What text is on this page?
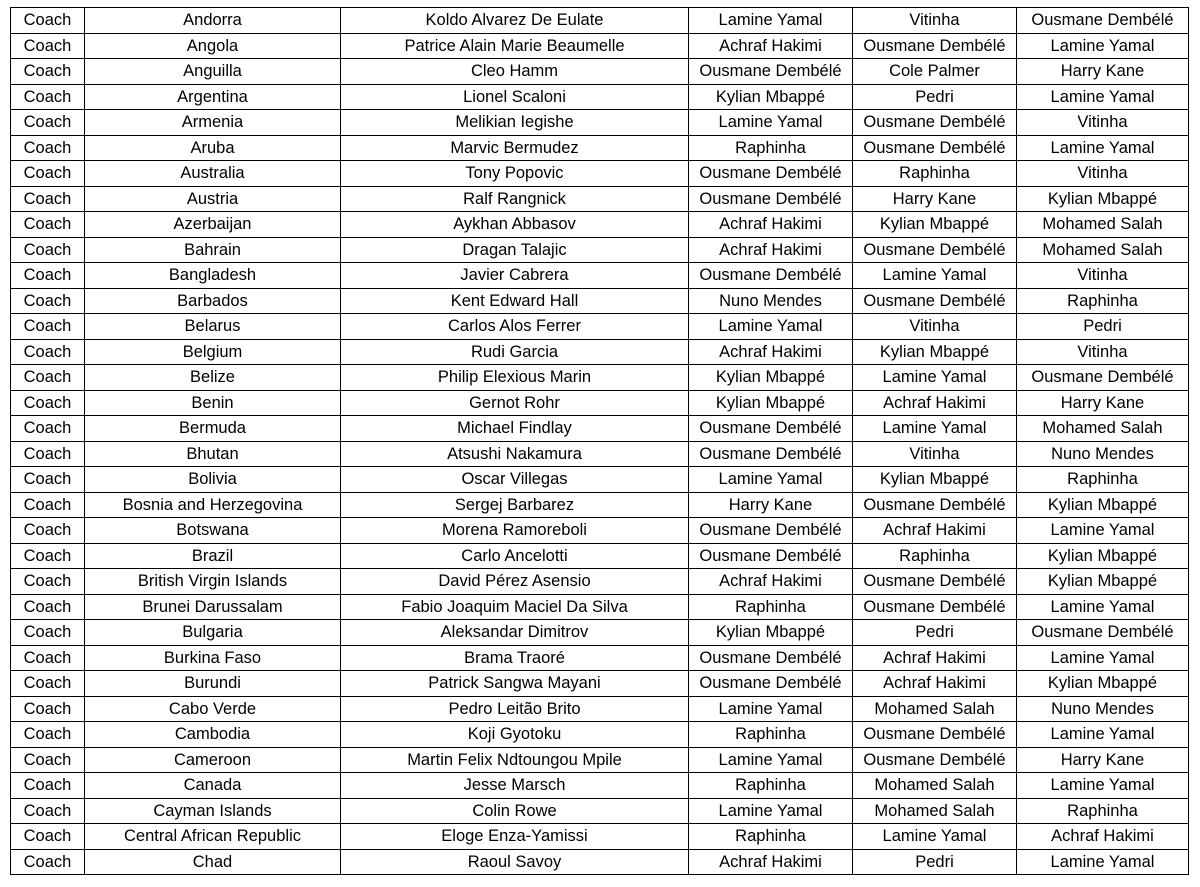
Coach	Andorra	Koldo Alvarez De Eulate	Lamine Yamal	Vitinha	Ousmane Dembélé
Coach	Angola	Patrice Alain Marie Beaumelle	Achraf Hakimi	Ousmane Dembélé	Lamine Yamal
Coach	Anguilla	Cleo Hamm	Ousmane Dembélé	Cole Palmer	Harry Kane
Coach	Argentina	Lionel Scaloni	Kylian Mbappé	Pedri	Lamine Yamal
Coach	Armenia	Melikian Iegishe	Lamine Yamal	Ousmane Dembélé	Vitinha
Coach	Aruba	Marvic Bermudez	Raphinha	Ousmane Dembélé	Lamine Yamal
Coach	Australia	Tony Popovic	Ousmane Dembélé	Raphinha	Vitinha
Coach	Austria	Ralf Rangnick	Ousmane Dembélé	Harry Kane	Kylian Mbappé
Coach	Azerbaijan	Aykhan Abbasov	Achraf Hakimi	Kylian Mbappé	Mohamed Salah
Coach	Bahrain	Dragan Talajic	Achraf Hakimi	Ousmane Dembélé	Mohamed Salah
Coach	Bangladesh	Javier Cabrera	Ousmane Dembélé	Lamine Yamal	Vitinha
Coach	Barbados	Kent Edward Hall	Nuno Mendes	Ousmane Dembélé	Raphinha
Coach	Belarus	Carlos Alos Ferrer	Lamine Yamal	Vitinha	Pedri
Coach	Belgium	Rudi Garcia	Achraf Hakimi	Kylian Mbappé	Vitinha
Coach	Belize	Philip Elexious Marin	Kylian Mbappé	Lamine Yamal	Ousmane Dembélé
Coach	Benin	Gernot Rohr	Kylian Mbappé	Achraf Hakimi	Harry Kane
Coach	Bermuda	Michael Findlay	Ousmane Dembélé	Lamine Yamal	Mohamed Salah
Coach	Bhutan	Atsushi Nakamura	Ousmane Dembélé	Vitinha	Nuno Mendes
Coach	Bolivia	Oscar Villegas	Lamine Yamal	Kylian Mbappé	Raphinha
Coach	Bosnia and Herzegovina	Sergej Barbarez	Harry Kane	Ousmane Dembélé	Kylian Mbappé
Coach	Botswana	Morena Ramoreboli	Ousmane Dembélé	Achraf Hakimi	Lamine Yamal
Coach	Brazil	Carlo Ancelotti	Ousmane Dembélé	Raphinha	Kylian Mbappé
Coach	British Virgin Islands	David Pérez Asensio	Achraf Hakimi	Ousmane Dembélé	Kylian Mbappé
Coach	Brunei Darussalam	Fabio Joaquim Maciel Da Silva	Raphinha	Ousmane Dembélé	Lamine Yamal
Coach	Bulgaria	Aleksandar Dimitrov	Kylian Mbappé	Pedri	Ousmane Dembélé
Coach	Burkina Faso	Brama Traoré	Ousmane Dembélé	Achraf Hakimi	Lamine Yamal
Coach	Burundi	Patrick Sangwa Mayani	Ousmane Dembélé	Achraf Hakimi	Kylian Mbappé
Coach	Cabo Verde	Pedro Leitão Brito	Lamine Yamal	Mohamed Salah	Nuno Mendes
Coach	Cambodia	Koji Gyotoku	Raphinha	Ousmane Dembélé	Lamine Yamal
Coach	Cameroon	Martin Felix Ndtoungou Mpile	Lamine Yamal	Ousmane Dembélé	Harry Kane
Coach	Canada	Jesse Marsch	Raphinha	Mohamed Salah	Lamine Yamal
Coach	Cayman Islands	Colin Rowe	Lamine Yamal	Mohamed Salah	Raphinha
Coach	Central African Republic	Eloge Enza-Yamissi	Raphinha	Lamine Yamal	Achraf Hakimi
Coach	Chad	Raoul Savoy	Achraf Hakimi	Pedri	Lamine Yamal
